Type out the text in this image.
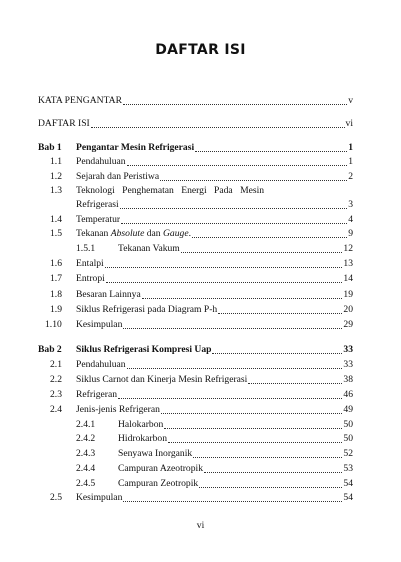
DAFTAR ISI
KATA PENGANTAR	v
DAFTAR ISI	vi
Bab 1 Pengantar Mesin Refrigerasi	1
1.1 Pendahuluan	1
1.2 Sejarah dan Peristiwa	2
1.3 Teknologi Penghematan Energi Pada Mesin
Refrigerasi	3
1.4 Temperatur	4
1.5 Tekanan Absolute dan Gauge.	9
1.5.1 Tekanan Vakum	12
1.6 Entalpi	13
1.7 Entropi	14
1.8 Besaran Lainnya	19
1.9 Siklus Refrigerasi pada Diagram P-h	20
1.10 Kesimpulan	29
Bab 2 Siklus Refrigerasi Kompresi Uap	33
2.1 Pendahuluan	33
2.2 Siklus Carnot dan Kinerja Mesin Refrigerasi	38
2.3 Refrigeran	46
2.4 Jenis-jenis Refrigeran	49
2.4.1 Halokarbon	50
2.4.2 Hidrokarbon	50
2.4.3 Senyawa Inorganik	52
2.4.4 Campuran Azeotropik	53
2.4.5 Campuran Zeotropik	54
2.5 Kesimpulan	54
vi
